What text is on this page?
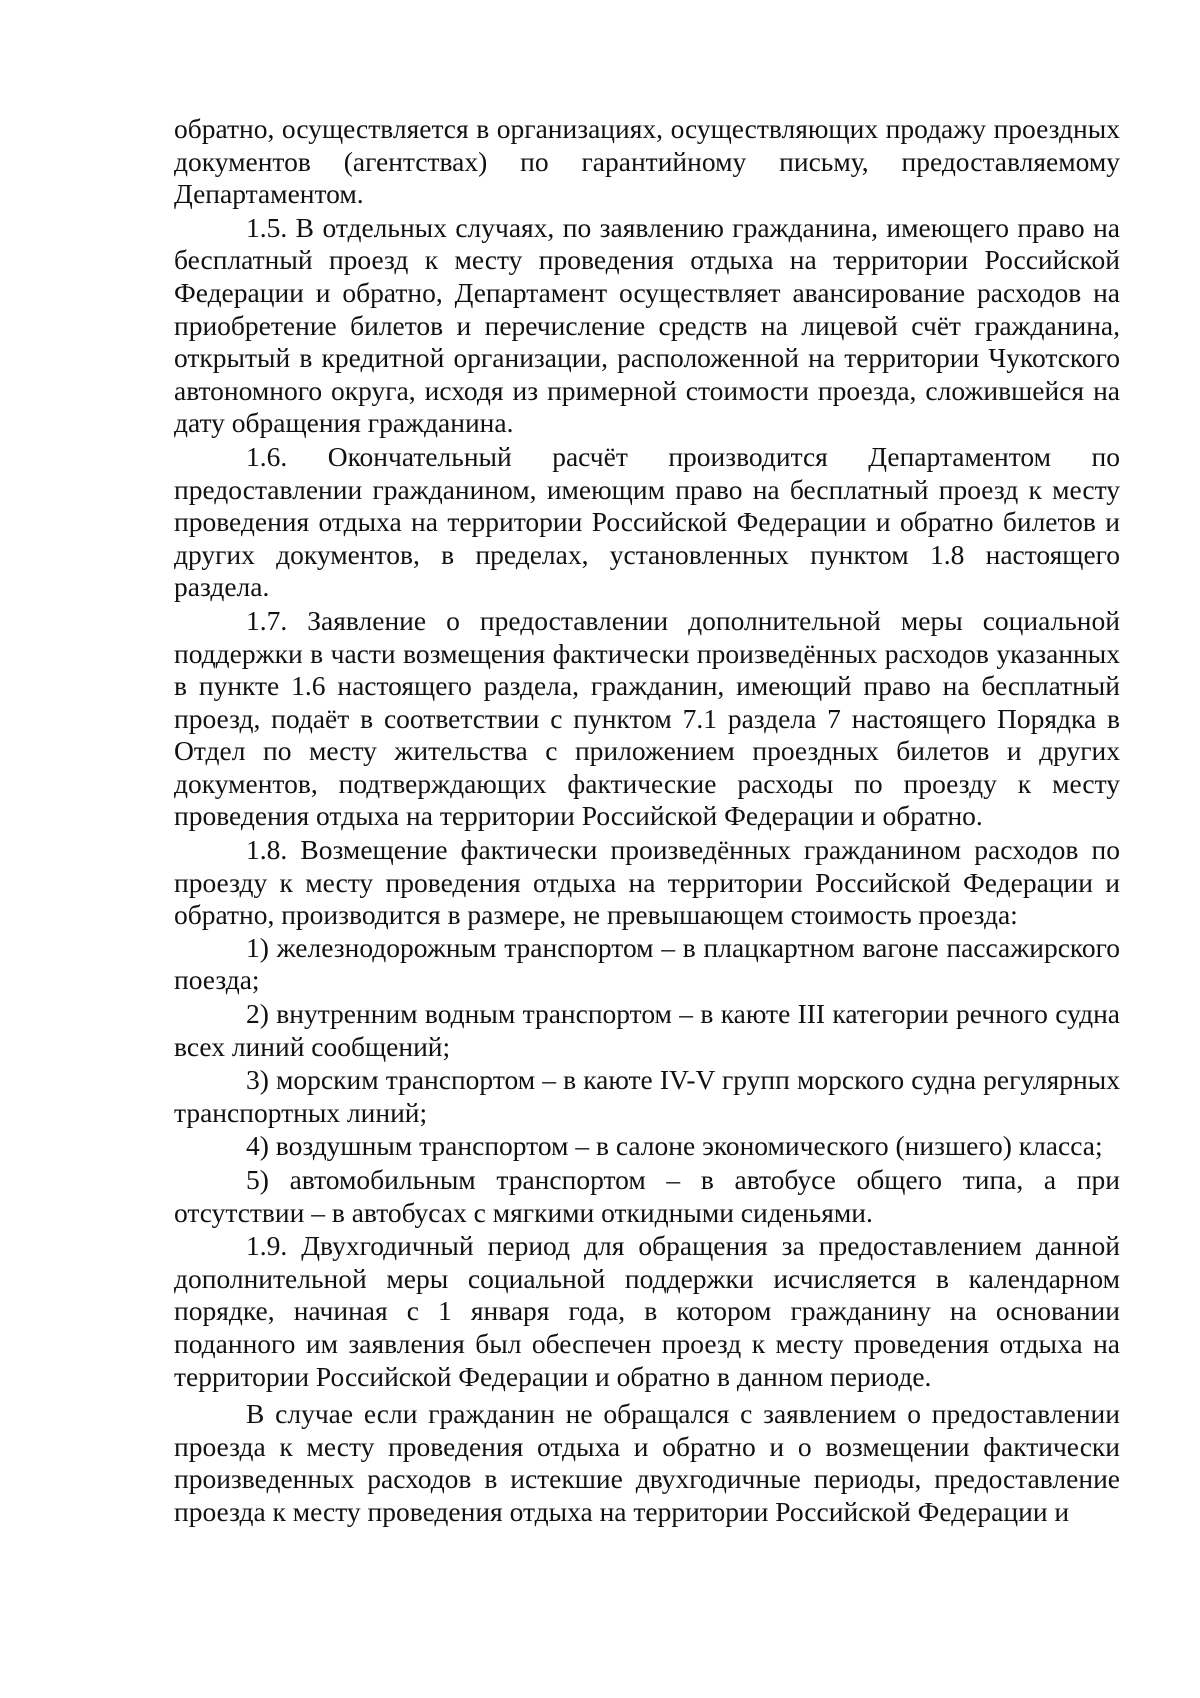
обратно, осуществляется в организациях, осуществляющих продажу проездных документов (агентствах) по гарантийному письму, предоставляемому Департаментом.

1.5. В отдельных случаях, по заявлению гражданина, имеющего право на бесплатный проезд к месту проведения отдыха на территории Российской Федерации и обратно, Департамент осуществляет авансирование расходов на приобретение билетов и перечисление средств на лицевой счёт гражданина, открытый в кредитной организации, расположенной на территории Чукотского автономного округа, исходя из примерной стоимости проезда, сложившейся на дату обращения гражданина.

1.6. Окончательный расчёт производится Департаментом по предоставлении гражданином, имеющим право на бесплатный проезд к месту проведения отдыха на территории Российской Федерации и обратно билетов и других документов, в пределах, установленных пунктом 1.8 настоящего раздела.

1.7. Заявление о предоставлении дополнительной меры социальной поддержки в части возмещения фактически произведённых расходов указанных в пункте 1.6 настоящего раздела, гражданин, имеющий право на бесплатный проезд, подаёт в соответствии с пунктом 7.1 раздела 7 настоящего Порядка в Отдел по месту жительства с приложением проездных билетов и других документов, подтверждающих фактические расходы по проезду к месту проведения отдыха на территории Российской Федерации и обратно.

1.8. Возмещение фактически произведённых гражданином расходов по проезду к месту проведения отдыха на территории Российской Федерации и обратно, производится в размере, не превышающем стоимость проезда:

1) железнодорожным транспортом – в плацкартном вагоне пассажирского поезда;

2) внутренним водным транспортом – в каюте III категории речного судна всех линий сообщений;

3) морским транспортом – в каюте IV-V групп морского судна регулярных транспортных линий;

4) воздушным транспортом – в салоне экономического (низшего) класса;

5) автомобильным транспортом – в автобусе общего типа, а при отсутствии – в автобусах с мягкими откидными сиденьями.

1.9. Двухгодичный период для обращения за предоставлением данной дополнительной меры социальной поддержки исчисляется в календарном порядке, начиная с 1 января года, в котором гражданину на основании поданного им заявления был обеспечен проезд к месту проведения отдыха на территории Российской Федерации и обратно в данном периоде.

В случае если гражданин не обращался с заявлением о предоставлении проезда к месту проведения отдыха и обратно и о возмещении фактически произведенных расходов в истекшие двухгодичные периоды, предоставление проезда к месту проведения отдыха на территории Российской Федерации и
